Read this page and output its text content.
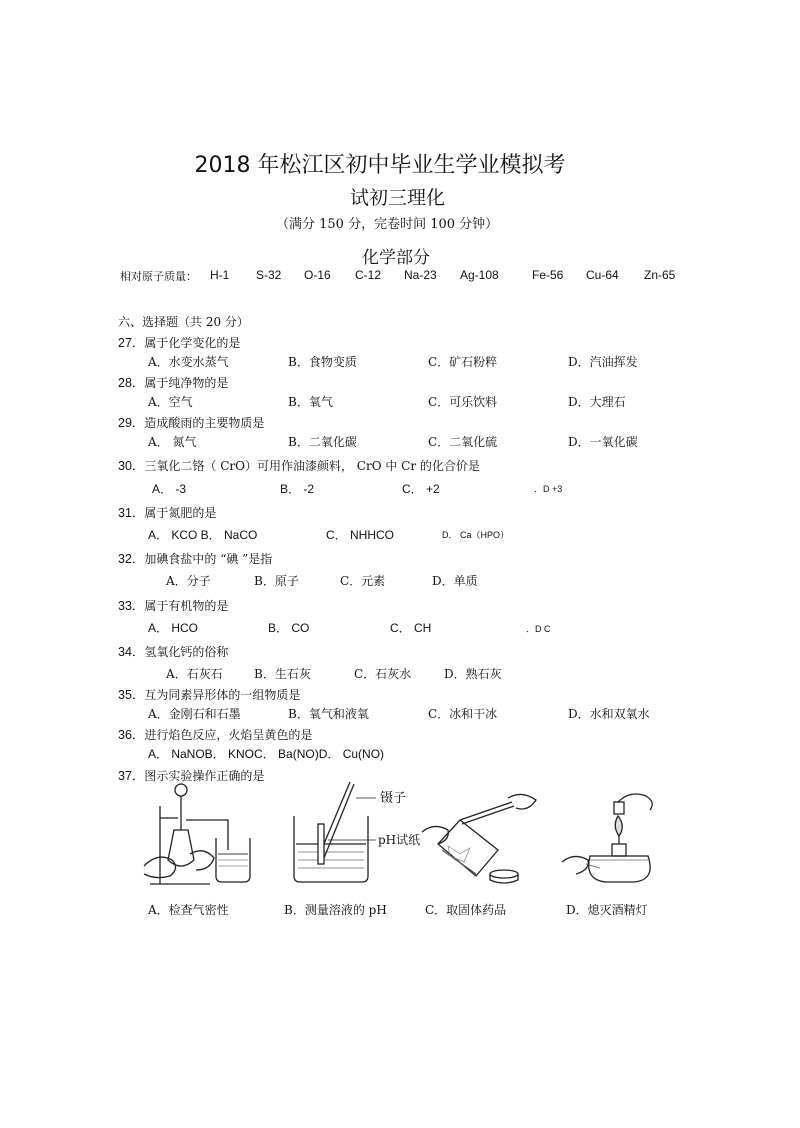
2018 年松江区初中毕业生学业模拟考
试初三理化
（满分 150 分，完卷时间 100 分钟）
化学部分
相对原子质量： H-1 S-32 O-16 C-12 Na-23 Ag-108	Fe-56 Cu-64 Zn-65
六、选择题（共 20 分）
27．属于化学变化的是
A．水变水蒸气	B．食物变质	C．矿石粉粹	D．汽油挥发
28．属于纯净物的是
A．空气	B．氧气	C．可乐饮料	D．大理石
29．造成酸雨的主要物质是
A． 氮气	B．二氧化碳	C．二氧化硫	D．一氧化碳
30．三氧化二铬（ CrO）可用作油漆颜料， CrO 中 Cr 的化合价是
A． -3	B． -2	C． +2	．D +3
31．属于氮肥的是
A． KCO B． NaCO	C． NHHCO	D． Ca（HPO）
32．加碘食盐中的 “碘 ”是指
A．分子	B．原子	C．元素	D．单质
33．属于有机物的是
A． HCO	B． CO	C． CH	．D C
34．氢氧化钙的俗称
A．石灰石	B．生石灰	C．石灰水	D．熟石灰
35．互为同素异形体的一组物质是
A．金刚石和石墨	B．氧气和液氧	C．冰和干冰	D．水和双氧水
36．进行焰色反应，火焰呈黄色的是
A． NaNOB． KNOC． Ba(NO)D． Cu(NO)
37．图示实验操作正确的是
镊子
pH试纸
A．检查气密性	B．测量溶液的 pH	C．取固体药品	D．熄灭酒精灯
